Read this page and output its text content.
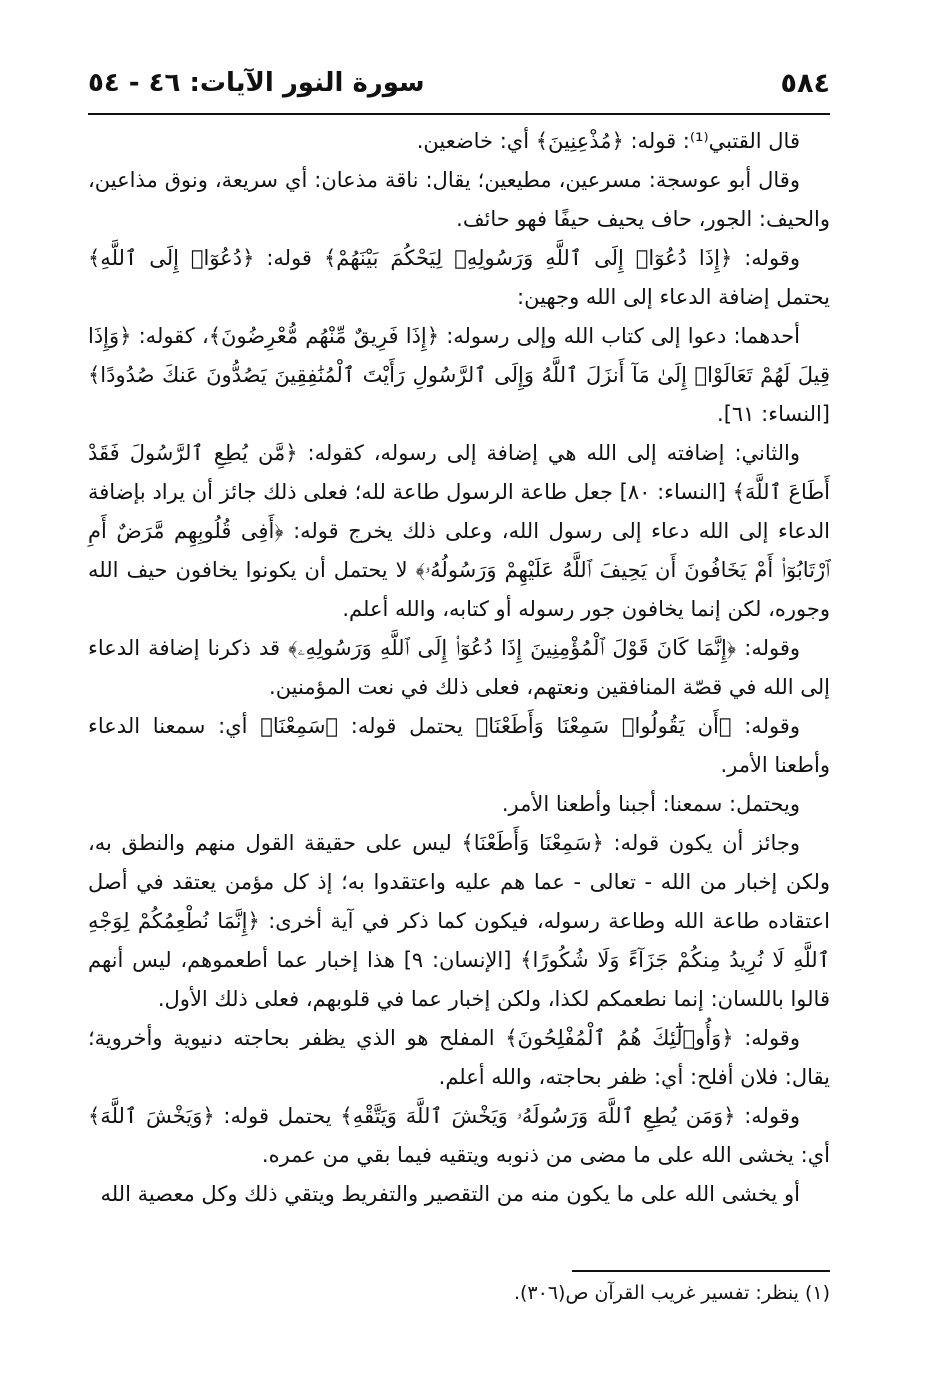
٥٨٤
سورة النور الآيات: ٤٦ - ٥٤

قال القتبي⁽¹⁾: قوله: ﴿مُذْعِنِينَ﴾ أي: خاضعين.

وقال أبو عوسجة: مسرعين، مطيعين؛ يقال: ناقة مذعان: أي سريعة، ونوق مذاعين، والحيف: الجور، حاف يحيف حيفًا فهو حائف.

وقوله: ﴿إِذَا دُعُوٓا۟ إِلَى ٱللَّهِ وَرَسُولِهِۦ لِيَحْكُمَ بَيْنَهُمْ﴾ قوله: ﴿دُعُوٓا۟ إِلَى ٱللَّهِ﴾ يحتمل إضافة الدعاء إلى الله وجهين:

أحدهما: دعوا إلى كتاب الله وإلى رسوله: ﴿إِذَا فَرِيقٌ مِّنْهُم مُّعْرِضُونَ﴾، كقوله: ﴿وَإِذَا قِيلَ لَهُمْ تَعَالَوْا۟ إِلَىٰ مَآ أَنزَلَ ٱللَّهُ وَإِلَى ٱلرَّسُولِ رَأَيْتَ ٱلْمُنَٰفِقِينَ يَصُدُّونَ عَنكَ صُدُودًا﴾ [النساء: ٦١].

والثاني: إضافته إلى الله هي إضافة إلى رسوله، كقوله: ﴿مَّن يُطِعِ ٱلرَّسُولَ فَقَدْ أَطَاعَ ٱللَّهَ﴾ [النساء: ٨٠] جعل طاعة الرسول طاعة لله؛ فعلى ذلك جائز أن يراد بإضافة الدعاء إلى الله دعاء إلى رسول الله، وعلى ذلك يخرج قوله: ﴿أَفِى قُلُوبِهِم مَّرَضٌ أَمِ ٱرْتَابُوٓا۟ أَمْ يَخَافُونَ أَن يَحِيفَ ٱللَّهُ عَلَيْهِمْ وَرَسُولُهُۥ﴾ لا يحتمل أن يكونوا يخافون حيف الله وجوره، لكن إنما يخافون جور رسوله أو كتابه، والله أعلم.

وقوله: ﴿إِنَّمَا كَانَ قَوْلَ ٱلْمُؤْمِنِينَ إِذَا دُعُوٓا۟ إِلَى ٱللَّهِ وَرَسُولِهِۦ﴾ قد ذكرنا إضافة الدعاء إلى الله في قصّة المنافقين ونعتهم، فعلى ذلك في نعت المؤمنين.

وقوله: ﴿أَن يَقُولُوا۟ سَمِعْنَا وَأَطَعْنَا﴾ يحتمل قوله: ﴿سَمِعْنَا﴾ أي: سمعنا الدعاء وأطعنا الأمر.

ويحتمل: سمعنا: أجبنا وأطعنا الأمر.

وجائز أن يكون قوله: ﴿سَمِعْنَا وَأَطَعْنَا﴾ ليس على حقيقة القول منهم والنطق به، ولكن إخبار من الله - تعالى - عما هم عليه واعتقدوا به؛ إذ كل مؤمن يعتقد في أصل اعتقاده طاعة الله وطاعة رسوله، فيكون كما ذكر في آية أخرى: ﴿إِنَّمَا نُطْعِمُكُمْ لِوَجْهِ ٱللَّهِ لَا نُرِيدُ مِنكُمْ جَزَآءً وَلَا شُكُورًا﴾ [الإنسان: ٩] هذا إخبار عما أطعموهم، ليس أنهم قالوا باللسان: إنما نطعمكم لكذا، ولكن إخبار عما في قلوبهم، فعلى ذلك الأول.

وقوله: ﴿وَأُو۟لَٰٓئِكَ هُمُ ٱلْمُفْلِحُونَ﴾ المفلح هو الذي يظفر بحاجته دنيوية وأخروية؛ يقال: فلان أفلح: أي: ظفر بحاجته، والله أعلم.

وقوله: ﴿وَمَن يُطِعِ ٱللَّهَ وَرَسُولَهُۥ وَيَخْشَ ٱللَّهَ وَيَتَّقْهِ﴾ يحتمل قوله: ﴿وَيَخْشَ ٱللَّهَ﴾ أي: يخشى الله على ما مضى من ذنوبه ويتقيه فيما بقي من عمره.

أو يخشى الله على ما يكون منه من التقصير والتفريط ويتقي ذلك وكل معصية الله

(١) ينظر: تفسير غريب القرآن ص(٣٠٦).
